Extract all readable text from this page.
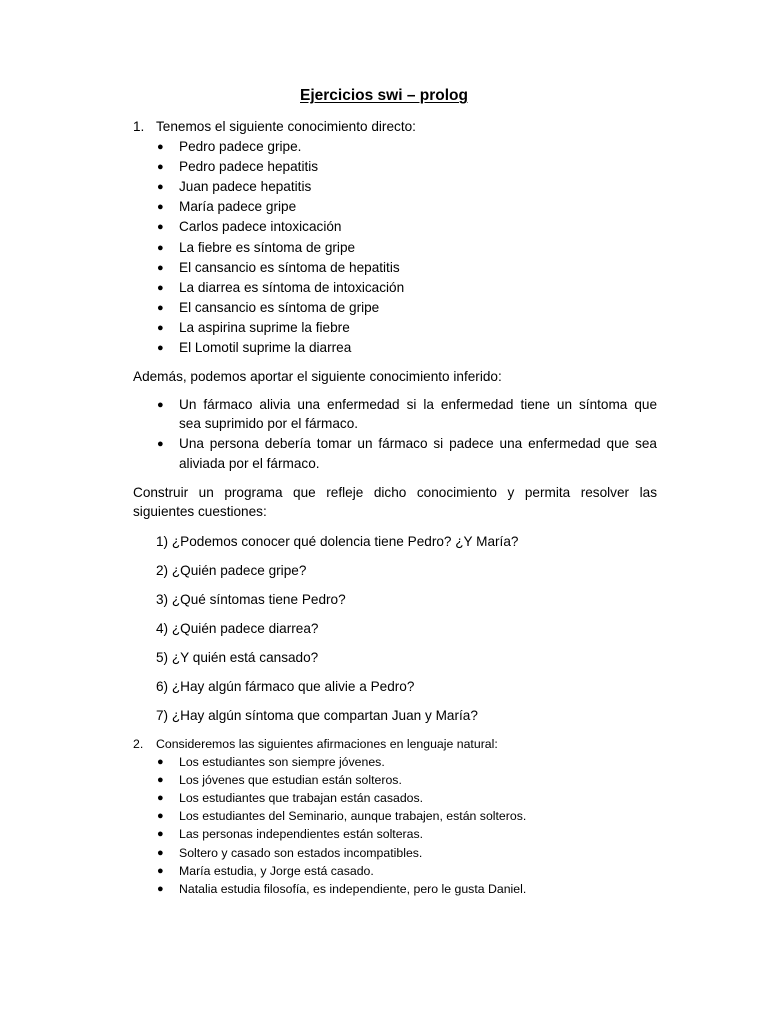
Ejercicios swi – prolog
1. Tenemos el siguiente conocimiento directo:
● Pedro padece gripe.
● Pedro padece hepatitis
● Juan padece hepatitis
● María padece gripe
● Carlos padece intoxicación
● La fiebre es síntoma de gripe
● El cansancio es síntoma de hepatitis
● La diarrea es síntoma de intoxicación
● El cansancio es síntoma de gripe
● La aspirina suprime la fiebre
● El Lomotil suprime la diarrea
Además, podemos aportar el siguiente conocimiento inferido:
● Un fármaco alivia una enfermedad si la enfermedad tiene un síntoma que
sea suprimido por el fármaco.
● Una persona debería tomar un fármaco si padece una enfermedad que sea
aliviada por el fármaco.
Construir un programa que refleje dicho conocimiento y permita resolver las
siguientes cuestiones:
1) ¿Podemos conocer qué dolencia tiene Pedro? ¿Y María?
2) ¿Quién padece gripe?
3) ¿Qué síntomas tiene Pedro?
4) ¿Quién padece diarrea?
5) ¿Y quién está cansado?
6) ¿Hay algún fármaco que alivie a Pedro?
7) ¿Hay algún síntoma que compartan Juan y María?
2. Consideremos las siguientes afirmaciones en lenguaje natural:
● Los estudiantes son siempre jóvenes.
● Los jóvenes que estudian están solteros.
● Los estudiantes que trabajan están casados.
● Los estudiantes del Seminario, aunque trabajen, están solteros.
● Las personas independientes están solteras.
● Soltero y casado son estados incompatibles.
● María estudia, y Jorge está casado.
● Natalia estudia filosofía, es independiente, pero le gusta Daniel.
